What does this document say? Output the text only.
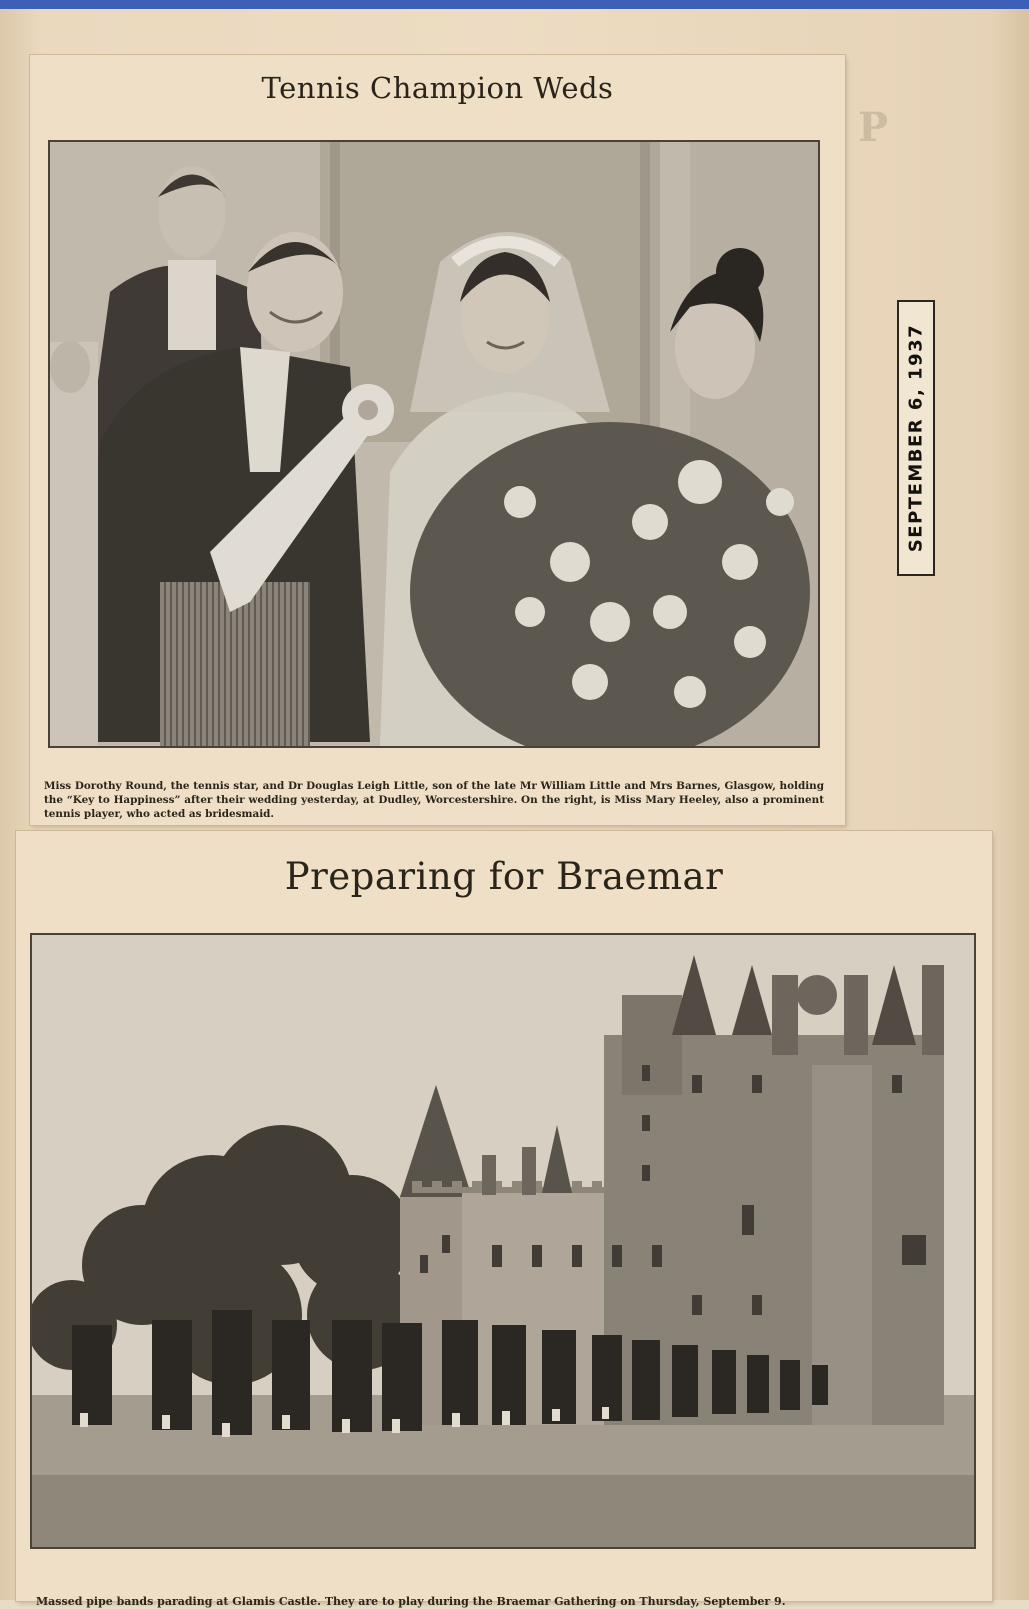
P
SEPTEMBER 6, 1937
Tennis Champion Weds
Miss Dorothy Round, the tennis star, and Dr Douglas Leigh Little, son of the late Mr William Little and Mrs Barnes, Glasgow, holding the “Key to Happiness” after their wedding yesterday, at Dudley, Worcestershire. On the right, is Miss Mary Heeley, also a prominent tennis player, who acted as bridesmaid.
Preparing for Braemar
Massed pipe bands parading at Glamis Castle. They are to play during the Braemar Gathering on Thursday, September 9.
